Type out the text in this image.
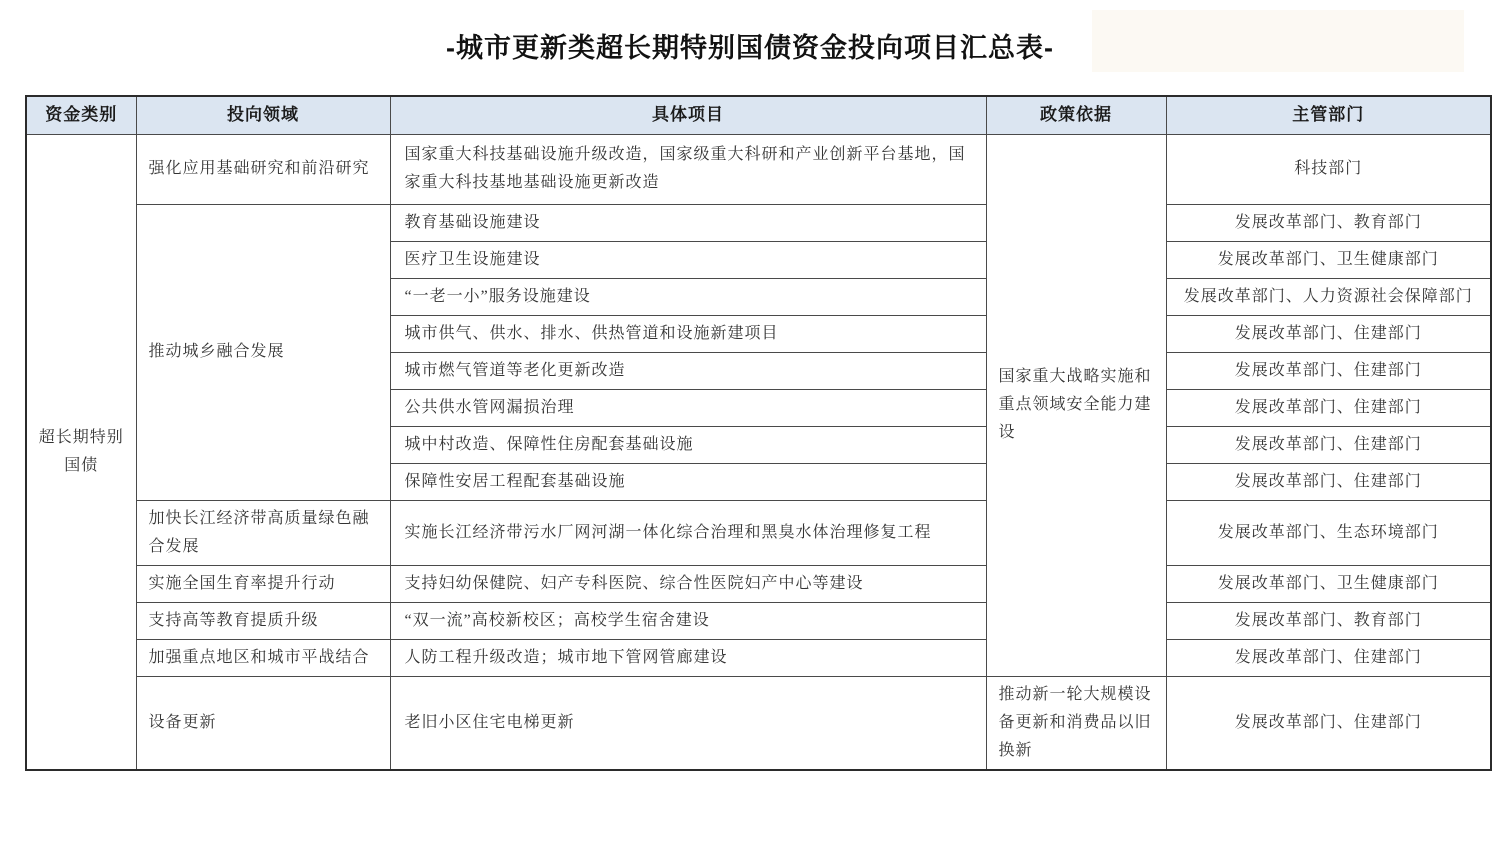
-城市更新类超长期特别国债资金投向项目汇总表-
资金类别	投向领域	具体项目	政策依据	主管部门
超长期特别国债	强化应用基础研究和前沿研究	国家重大科技基础设施升级改造，国家级重大科研和产业创新平台基地，国家重大科技基地基础设施更新改造	国家重大战略实施和重点领域安全能力建设	科技部门
	推动城乡融合发展	教育基础设施建设		发展改革部门、教育部门
		医疗卫生设施建设		发展改革部门、卫生健康部门
		“一老一小”服务设施建设		发展改革部门、人力资源社会保障部门
		城市供气、供水、排水、供热管道和设施新建项目		发展改革部门、住建部门
		城市燃气管道等老化更新改造		发展改革部门、住建部门
		公共供水管网漏损治理		发展改革部门、住建部门
		城中村改造、保障性住房配套基础设施		发展改革部门、住建部门
		保障性安居工程配套基础设施		发展改革部门、住建部门
	加快长江经济带高质量绿色融合发展	实施长江经济带污水厂网河湖一体化综合治理和黑臭水体治理修复工程		发展改革部门、生态环境部门
	实施全国生育率提升行动	支持妇幼保健院、妇产专科医院、综合性医院妇产中心等建设		发展改革部门、卫生健康部门
	支持高等教育提质升级	“双一流”高校新校区；高校学生宿舍建设		发展改革部门、教育部门
	加强重点地区和城市平战结合	人防工程升级改造；城市地下管网管廊建设		发展改革部门、住建部门
	设备更新	老旧小区住宅电梯更新	推动新一轮大规模设备更新和消费品以旧换新	发展改革部门、住建部门
